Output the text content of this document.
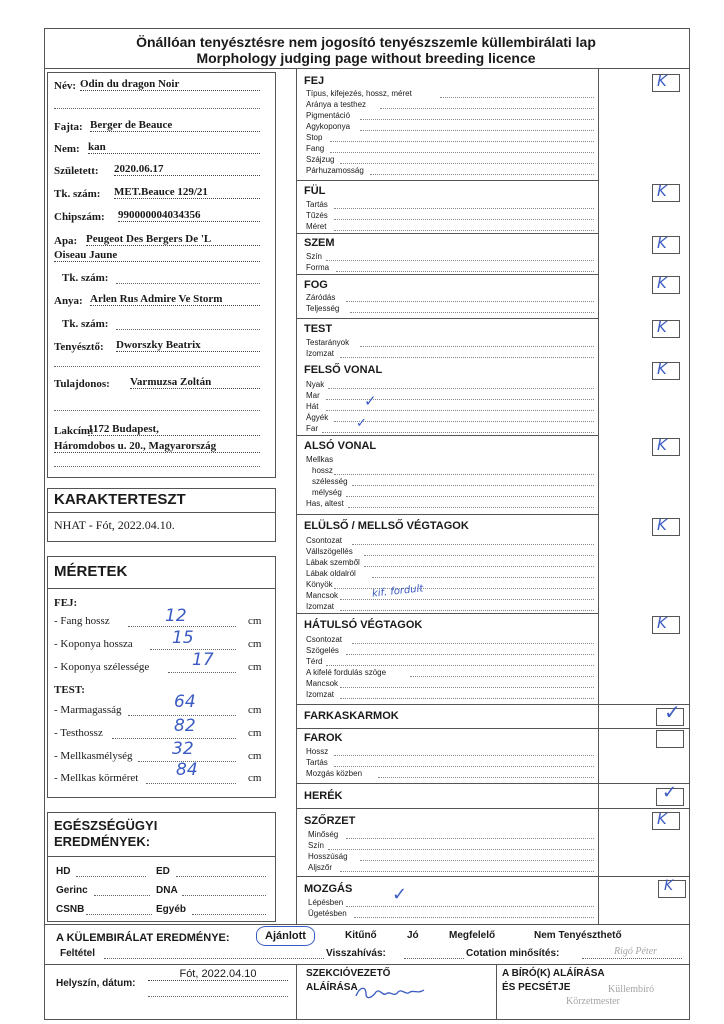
Önállóan tenyésztésre nem jogosító tenyészszemle küllembirálati lap
Morphology judging page without breeding licence
Név: Odin du dragon Noir
Fajta: Berger de Beauce
Nem: kan
Született: 2020.06.17
Tk. szám: MET.Beauce 129/21
Chipszám: 990000004034356
Apa: Peugeot Des Bergers De 'L
Oiseau Jaune
Tk. szám:
Anya: Arlen Rus Admire Ve Storm
Tk. szám:
Tenyésztő: Dworszky Beatrix
Tulajdonos: Varmuzsa Zoltán
Lakcím:
1172 Budapest,
Háromdobos u. 20., Magyarország
KARAKTERTESZT
NHAT - Fót, 2022.04.10.
MÉRETEK
FEJ:
- Fang hossz	12	cm
- Koponya hossza 15	cm
- Koponya szélessége	17	cm
TEST:
- Marmagasság	64	cm
- Testhossz	82	cm
- Mellkasmélység 32	cm
- Mellkas körméret 84	cm
EGÉSZSÉGÜGYI
EREDMÉNYEK:
HD	ED
Gerinc	DNA
CSNB	Egyéb
FEJ
Típus, kifejezés, hossz, méret
Aránya a testhez
Pigmentáció
Agykoponya
Stop
Fang
Szájzug
Párhuzamosság
K
FÜL
Tartás
Tűzés
Méret
K
SZEM
Szín
Forma
K
FOG
Záródás
Teljesség
K
TEST
Testarányok
Izomzat
K
FELSŐ VONAL
Nyak
Mar
Hát
Ágyék
Far
✓
✓
K
ALSÓ VONAL
Mellkas
hossz
szélesség
mélység
Has, altest
K
ELÜLSŐ / MELLSŐ VÉGTAGOK
Csontozat
Vállszögellés
Lábak szemből
Lábak oldalról
Könyök
Mancsok
Izomzat
kif. fordult
K
HÁTULSÓ VÉGTAGOK
Csontozat
Szögelés
Térd
A kifelé fordulás szöge
Mancsok
Izomzat
K
FARKASKARMOK	✓
FAROK
Hossz
Tartás
Mozgás közben
HERÉK	✓
SZŐRZET
Minőség
Szín
Hosszúság
Aljszőr
K
MOZGÁS
Lépésben
Ügetésben
✓	K
A KÜLEMBIRÁLAT EREDMÉNYE:	Ajánlott	Kitűnő	Jó	Megfelelő	Nem Tenyészthető
Feltétel	Visszahívás:	Cotation minősítés:
Helyszín, dátum:
Fót, 2022.04.10	SZEKCIÓVEZETŐ
ALÁÍRÁSA
A BÍRÓ(K) ALÁÍRÁSA
ÉS PECSÉTJE
Rigó Péter
Küllembíró
Körzetmester
